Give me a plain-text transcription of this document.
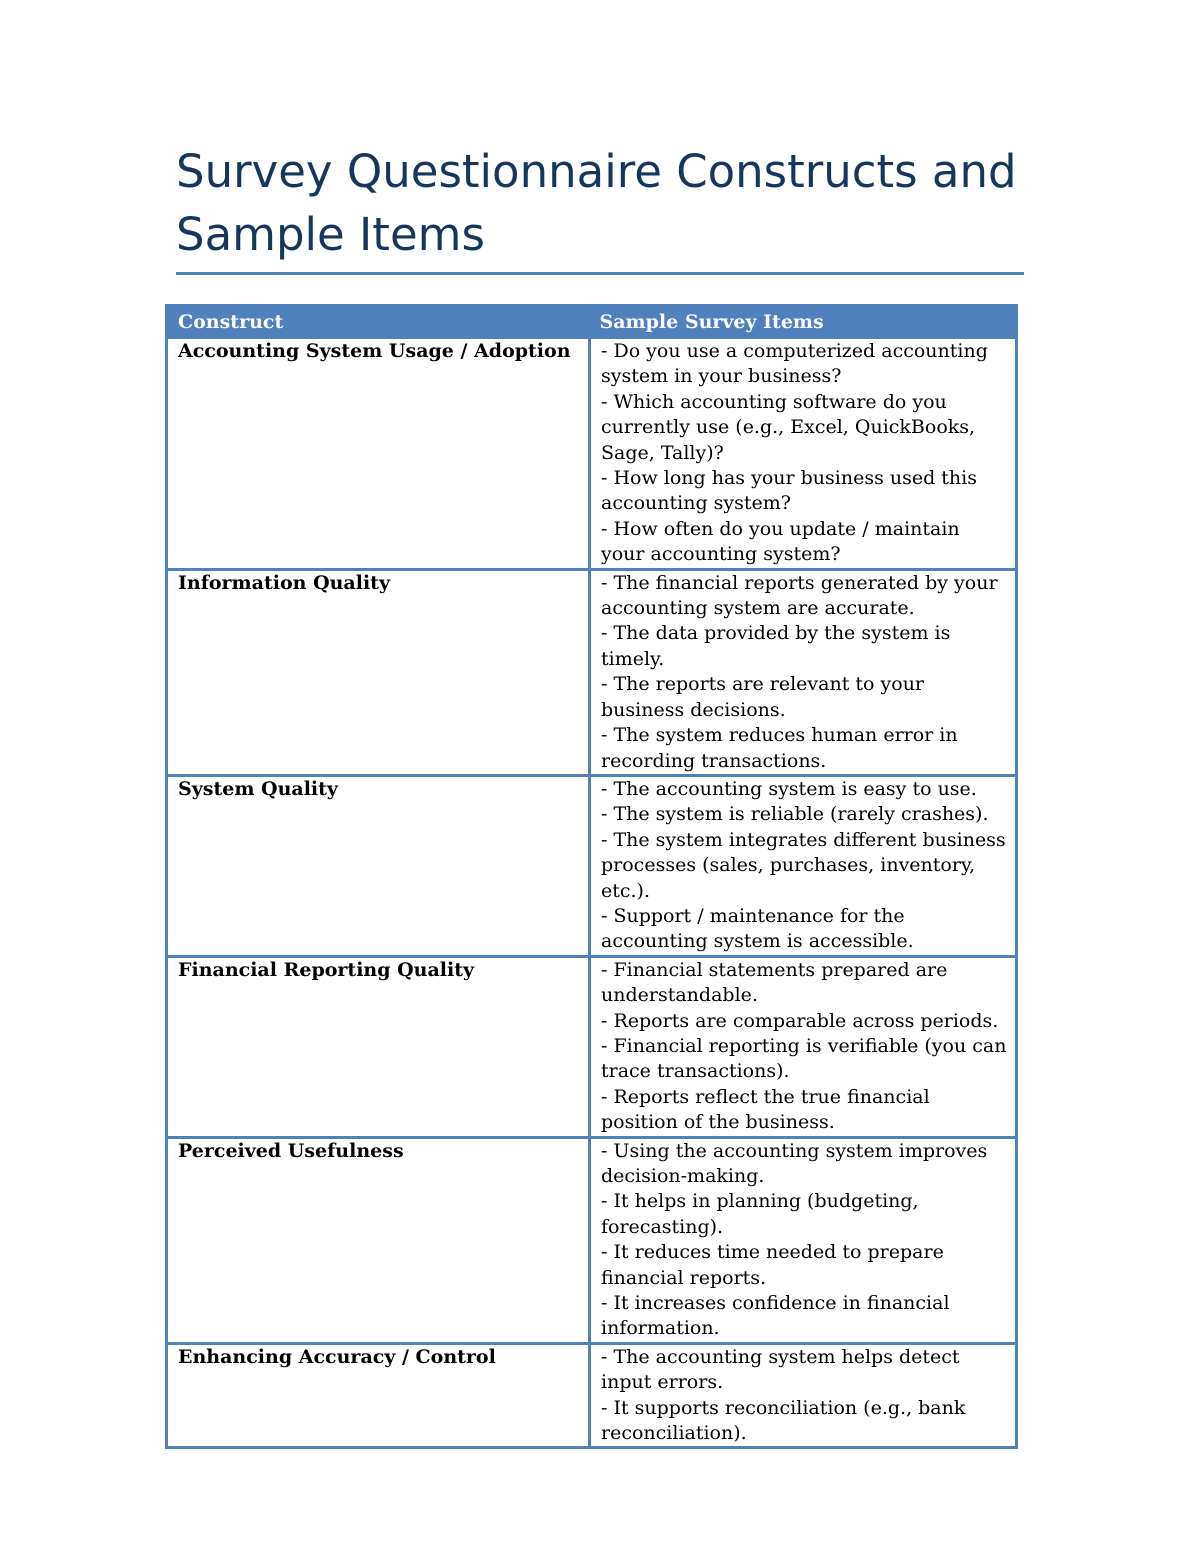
Survey Questionnaire Constructs and Sample Items
Construct	Sample Survey Items
Accounting System Usage / Adoption	- Do you use a computerized accounting system in your business?
- Which accounting software do you currently use (e.g., Excel, QuickBooks, Sage, Tally)?
- How long has your business used this accounting system?
- How often do you update / maintain your accounting system?

Information Quality	- The financial reports generated by your accounting system are accurate.
- The data provided by the system is timely.
- The reports are relevant to your business decisions.
- The system reduces human error in recording transactions.

System Quality	- The accounting system is easy to use.
- The system is reliable (rarely crashes).
- The system integrates different business processes (sales, purchases, inventory, etc.).
- Support / maintenance for the accounting system is accessible.

Financial Reporting Quality	- Financial statements prepared are understandable.
- Reports are comparable across periods.
- Financial reporting is verifiable (you can trace transactions).
- Reports reflect the true financial position of the business.

Perceived Usefulness	- Using the accounting system improves decision-making.
- It helps in planning (budgeting, forecasting).
- It reduces time needed to prepare financial reports.
- It increases confidence in financial information.

Enhancing Accuracy / Control	- The accounting system helps detect input errors.
- It supports reconciliation (e.g., bank reconciliation).
